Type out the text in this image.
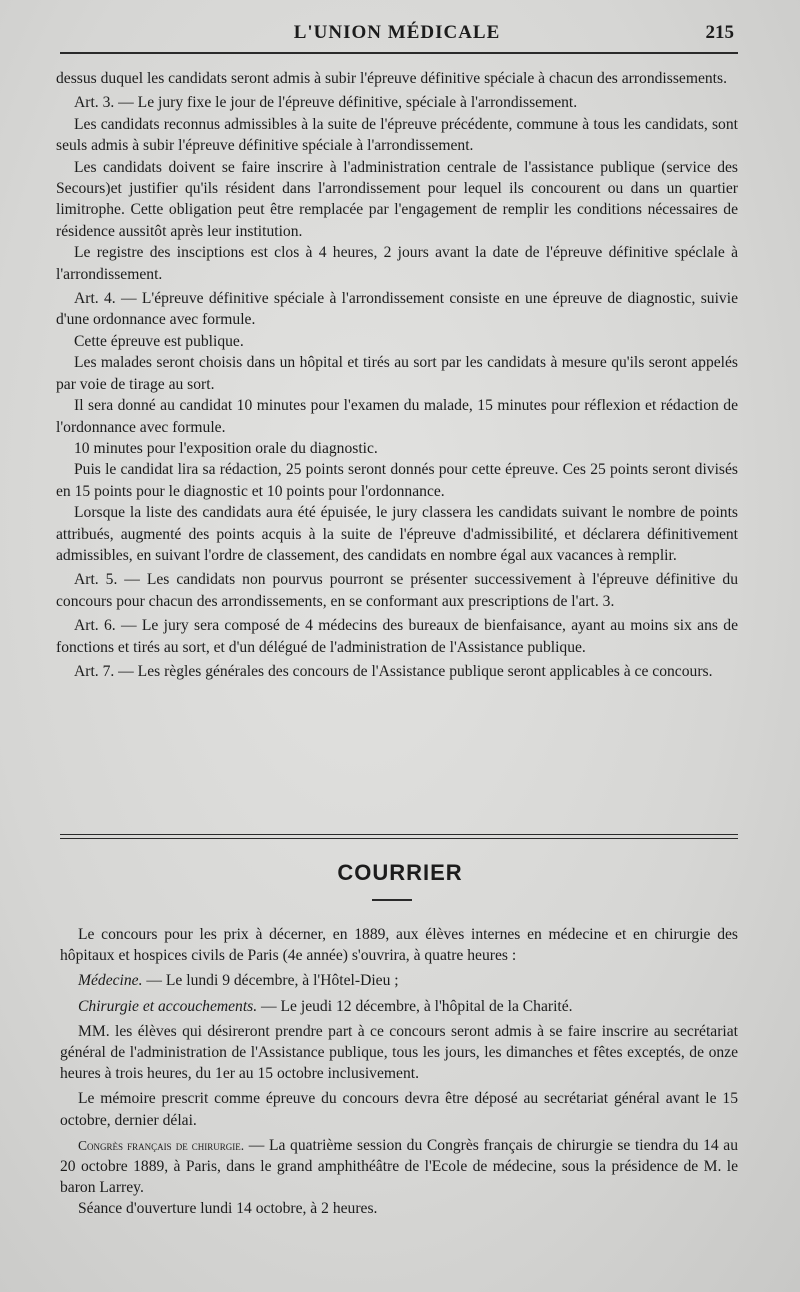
L'UNION MÉDICALE	215

dessus duquel les candidats seront admis à subir l'épreuve définitive spéciale à chacun des arrondissements.

Art. 3. — Le jury fixe le jour de l'épreuve définitive, spéciale à l'arrondissement.

Les candidats reconnus admissibles à la suite de l'épreuve précédente, commune à tous les candidats, sont seuls admis à subir l'épreuve définitive spéciale à l'arrondissement.

Les candidats doivent se faire inscrire à l'administration centrale de l'assistance publique (service des Secours)et justifier qu'ils résident dans l'arrondissement pour lequel ils concourent ou dans un quartier limitrophe. Cette obligation peut être remplacée par l'engagement de remplir les conditions nécessaires de résidence aussitôt après leur institution.

Le registre des insciptions est clos à 4 heures, 2 jours avant la date de l'épreuve définitive spéclale à l'arrondissement.

Art. 4. — L'épreuve définitive spéciale à l'arrondissement consiste en une épreuve de diagnostic, suivie d'une ordonnance avec formule.

Cette épreuve est publique.

Les malades seront choisis dans un hôpital et tirés au sort par les candidats à mesure qu'ils seront appelés par voie de tirage au sort.

Il sera donné au candidat 10 minutes pour l'examen du malade, 15 minutes pour réflexion et rédaction de l'ordonnance avec formule.

10 minutes pour l'exposition orale du diagnostic.

Puis le candidat lira sa rédaction, 25 points seront donnés pour cette épreuve. Ces 25 points seront divisés en 15 points pour le diagnostic et 10 points pour l'ordonnance.

Lorsque la liste des candidats aura été épuisée, le jury classera les candidats suivant le nombre de points attribués, augmenté des points acquis à la suite de l'épreuve d'admissibilité, et déclarera définitivement admissibles, en suivant l'ordre de classement, des candidats en nombre égal aux vacances à remplir.

Art. 5. — Les candidats non pourvus pourront se présenter successivement à l'épreuve définitive du concours pour chacun des arrondissements, en se conformant aux prescriptions de l'art. 3.

Art. 6. — Le jury sera composé de 4 médecins des bureaux de bienfaisance, ayant au moins six ans de fonctions et tirés au sort, et d'un délégué de l'administration de l'Assistance publique.

Art. 7. — Les règles générales des concours de l'Assistance publique seront applicables à ce concours.

COURRIER

Le concours pour les prix à décerner, en 1889, aux élèves internes en médecine et en chirurgie des hôpitaux et hospices civils de Paris (4e année) s'ouvrira, à quatre heures :

Médecine. — Le lundi 9 décembre, à l'Hôtel-Dieu ;

Chirurgie et accouchements. — Le jeudi 12 décembre, à l'hôpital de la Charité.

MM. les élèves qui désireront prendre part à ce concours seront admis à se faire inscrire au secrétariat général de l'administration de l'Assistance publique, tous les jours, les dimanches et fêtes exceptés, de onze heures à trois heures, du 1er au 15 octobre inclusivement.

Le mémoire prescrit comme épreuve du concours devra être déposé au secrétariat général avant le 15 octobre, dernier délai.

Congrès français de chirurgie. — La quatrième session du Congrès français de chirurgie se tiendra du 14 au 20 octobre 1889, à Paris, dans le grand amphithéâtre de l'Ecole de médecine, sous la présidence de M. le baron Larrey.

Séance d'ouverture lundi 14 octobre, à 2 heures.
